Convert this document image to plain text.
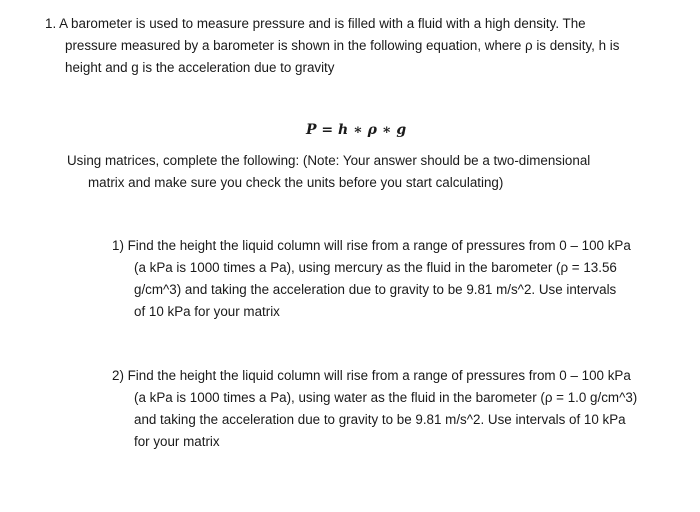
1. A barometer is used to measure pressure and is filled with a fluid with a high density. The
pressure measured by a barometer is shown in the following equation, where ρ is density, h is
height and g is the acceleration due to gravity
P = h ∗ ρ ∗ g
Using matrices, complete the following: (Note: Your answer should be a two-dimensional
matrix and make sure you check the units before you start calculating)
1) Find the height the liquid column will rise from a range of pressures from 0 – 100 kPa
(a kPa is 1000 times a Pa), using mercury as the fluid in the barometer (ρ = 13.56
g/cm^3) and taking the acceleration due to gravity to be 9.81 m/s^2. Use intervals
of 10 kPa for your matrix
2) Find the height the liquid column will rise from a range of pressures from 0 – 100 kPa
(a kPa is 1000 times a Pa), using water as the fluid in the barometer (ρ = 1.0 g/cm^3)
and taking the acceleration due to gravity to be 9.81 m/s^2. Use intervals of 10 kPa
for your matrix
